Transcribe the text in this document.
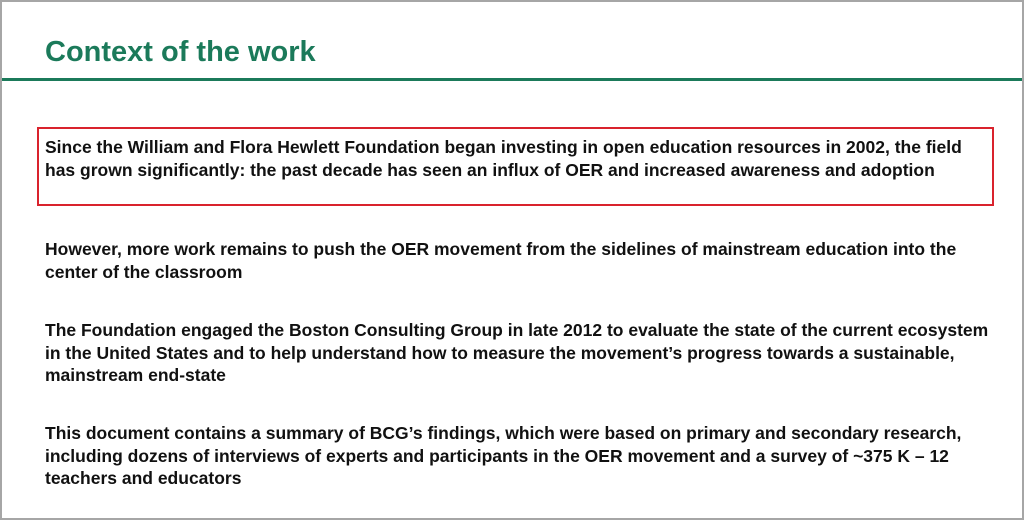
Context of the work

Since the William and Flora Hewlett Foundation began investing in open education resources in 2002, the field has grown significantly: the past decade has seen an influx of OER and increased awareness and adoption

However, more work remains to push the OER movement from the sidelines of mainstream education into the center of the classroom

The Foundation engaged the Boston Consulting Group in late 2012 to evaluate the state of the current ecosystem in the United States and to help understand how to measure the movement’s progress towards a sustainable, mainstream end-state

This document contains a summary of BCG’s findings, which were based on primary and secondary research, including dozens of interviews of experts and participants in the OER movement and a survey of ~375 K – 12 teachers and educators
